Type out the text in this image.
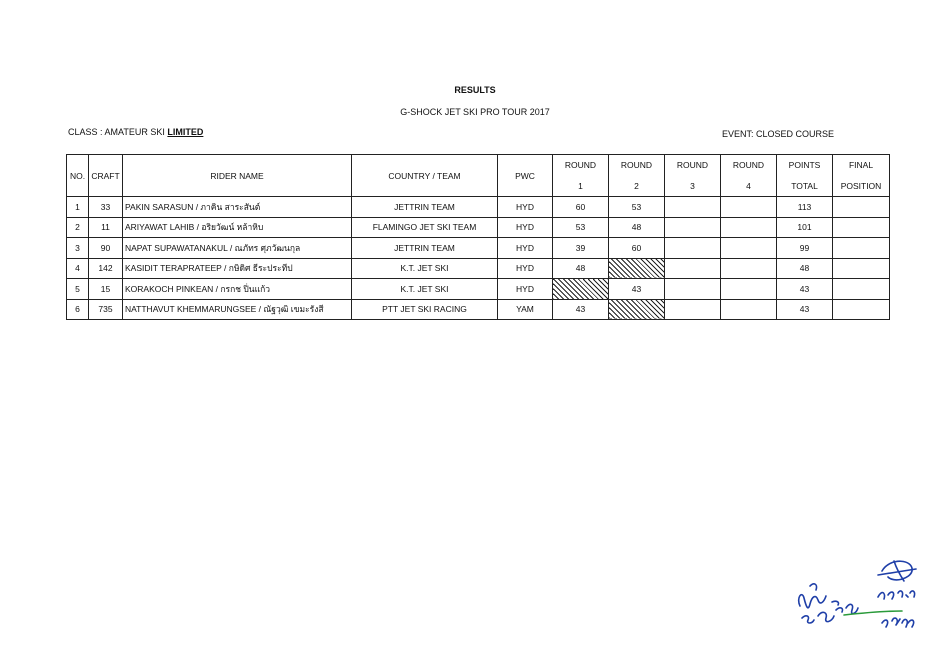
RESULTS
G-SHOCK JET SKI PRO TOUR 2017
CLASS : AMATEUR SKI LIMITED	EVENT: CLOSED COURSE
NO.	CRAFT	RIDER NAME	COUNTRY / TEAM	PWC	ROUND	ROUND	ROUND	ROUND	POINTS	FINAL
					1	2	3	4	TOTAL	POSITION
1	33	PAKIN SARASUN / ภาคิน สาระสันต์	JETTRIN TEAM	HYD	60	53			113	
2	11	ARIYAWAT LAHIB / อริยวัฒน์ หล้าหิบ	FLAMINGO JET SKI TEAM	HYD	53	48			101	
3	90	NAPAT SUPAWATANAKUL / ณภัทร ศุภวัฒนกุล	JETTRIN TEAM	HYD	39	60			99	
4	142	KASIDIT TERAPRATEEP / กษิดิศ ธีระประทีป	K.T. JET SKI	HYD	48				48	
5	15	KORAKOCH PINKEAN / กรกช ปิ่นแก้ว	K.T. JET SKI	HYD		43			43	
6	735	NATTHAVUT KHEMMARUNGSEE / ณัฐวุฒิ เขมะรังสี	PTT JET SKI RACING	YAM	43				43	
